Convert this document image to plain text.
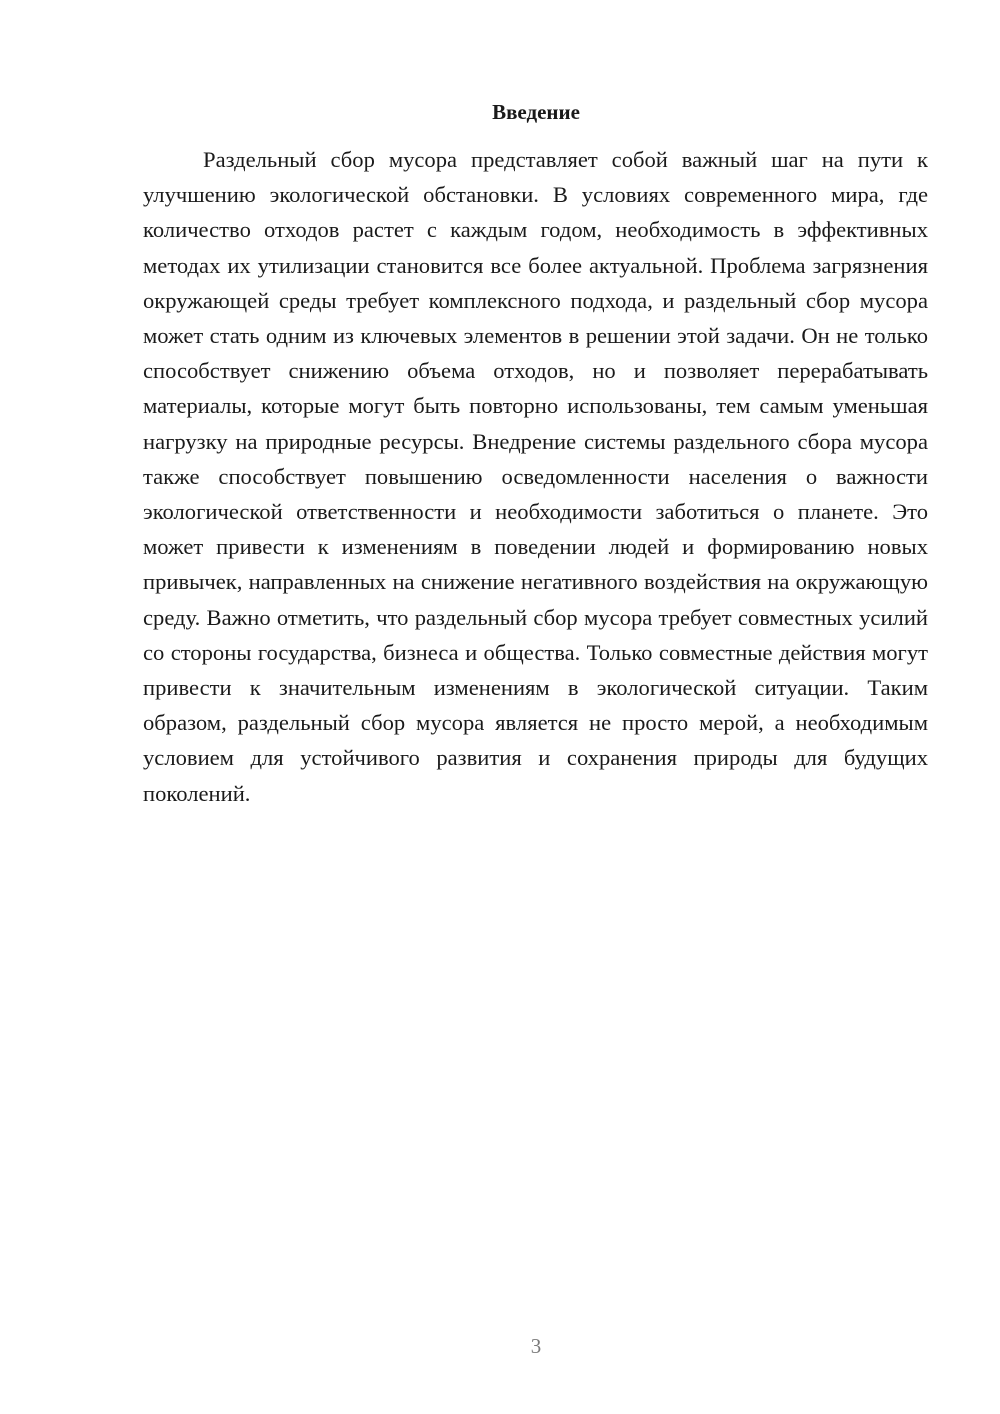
Введение

Раздельный сбор мусора представляет собой важный шаг на пути к улучшению экологической обстановки. В условиях современного мира, где количество отходов растет с каждым годом, необходимость в эффективных методах их утилизации становится все более актуальной. Проблема загрязнения окружающей среды требует комплексного подхода, и раздельный сбор мусора может стать одним из ключевых элементов в решении этой задачи. Он не только способствует снижению объема отходов, но и позволяет перерабатывать материалы, которые могут быть повторно использованы, тем самым уменьшая нагрузку на природные ресурсы. Внедрение системы раздельного сбора мусора также способствует повышению осведомленности населения о важности экологической ответственности и необходимости заботиться о планете. Это может привести к изменениям в поведении людей и формированию новых привычек, направленных на снижение негативного воздействия на окружающую среду. Важно отметить, что раздельный сбор мусора требует совместных усилий со стороны государства, бизнеса и общества. Только совместные действия могут привести к значительным изменениям в экологической ситуации. Таким образом, раздельный сбор мусора является не просто мерой, а необходимым условием для устойчивого развития и сохранения природы для будущих поколений.

3
